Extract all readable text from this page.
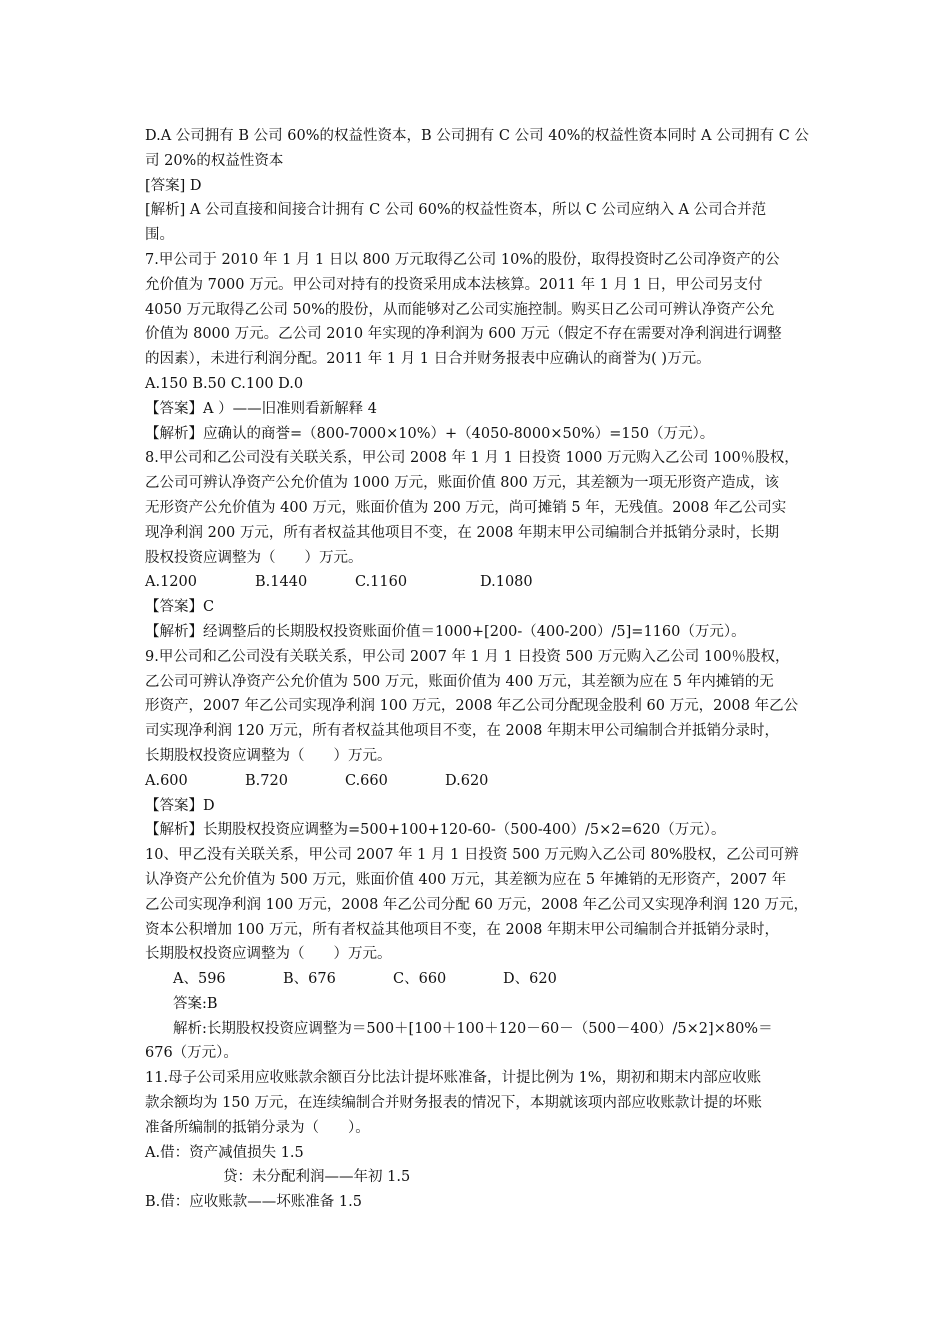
D.A 公司拥有 B 公司 60%的权益性资本，B 公司拥有 C 公司 40%的权益性资本同时 A 公司拥有 C 公
司 20%的权益性资本
[答案] D
[解析] A 公司直接和间接合计拥有 C 公司 60%的权益性资本，所以 C 公司应纳入 A 公司合并范
围。
7.甲公司于 2010 年 1 月 1 日以 800 万元取得乙公司 10%的股份，取得投资时乙公司净资产的公
允价值为 7000 万元。甲公司对持有的投资采用成本法核算。2011 年 1 月 1 日，甲公司另支付
4050 万元取得乙公司 50%的股份，从而能够对乙公司实施控制。购买日乙公司可辨认净资产公允
价值为 8000 万元。乙公司 2010 年实现的净利润为 600 万元（假定不存在需要对净利润进行调整
的因素），未进行利润分配。2011 年 1 月 1 日合并财务报表中应确认的商誉为( )万元。
A.150 B.50 C.100 D.0
【答案】A ）——旧准则看新解释 4
【解析】应确认的商誉=（800-7000×10%）+（4050-8000×50%）=150（万元）。
8.甲公司和乙公司没有关联关系，甲公司 2008 年 1 月 1 日投资 1000 万元购入乙公司 100％股权，
乙公司可辨认净资产公允价值为 1000 万元，账面价值 800 万元，其差额为一项无形资产造成，该
无形资产公允价值为 400 万元，账面价值为 200 万元，尚可摊销 5 年，无残值。2008 年乙公司实
现净利润 200 万元，所有者权益其他项目不变，在 2008 年期末甲公司编制合并抵销分录时，长期
股权投资应调整为（　　）万元。
A.1200	B.1440	C.1160	D.1080
【答案】C
【解析】经调整后的长期股权投资账面价值＝1000+[200-（400-200）/5]=1160（万元）。
9.甲公司和乙公司没有关联关系，甲公司 2007 年 1 月 1 日投资 500 万元购入乙公司 100％股权，
乙公司可辨认净资产公允价值为 500 万元，账面价值为 400 万元，其差额为应在 5 年内摊销的无
形资产，2007 年乙公司实现净利润 100 万元，2008 年乙公司分配现金股利 60 万元，2008 年乙公
司实现净利润 120 万元，所有者权益其他项目不变，在 2008 年期末甲公司编制合并抵销分录时，
长期股权投资应调整为（　　）万元。
A.600	B.720	C.660	D.620
【答案】D
【解析】长期股权投资应调整为=500+100+120-60-（500-400）/5×2=620（万元）。
10、甲乙没有关联关系，甲公司 2007 年 1 月 1 日投资 500 万元购入乙公司 80%股权，乙公司可辨
认净资产公允价值为 500 万元，账面价值 400 万元，其差额为应在 5 年摊销的无形资产，2007 年
乙公司实现净利润 100 万元，2008 年乙公司分配 60 万元，2008 年乙公司又实现净利润 120 万元，
资本公积增加 100 万元，所有者权益其他项目不变，在 2008 年期末甲公司编制合并抵销分录时，
长期股权投资应调整为（　　）万元。
A、596	B、676	C、660	D、620
答案:B
解析:长期股权投资应调整为＝500＋[100＋100＋120－60－（500－400）/5×2]×80%＝
676（万元）。
11.母子公司采用应收账款余额百分比法计提坏账准备，计提比例为 1%，期初和期末内部应收账
款余额均为 150 万元，在连续编制合并财务报表的情况下，本期就该项内部应收账款计提的坏账
准备所编制的抵销分录为（　　）。
A.借：资产减值损失 1.5
贷：未分配利润——年初 1.5
B.借：应收账款——坏账准备 1.5
